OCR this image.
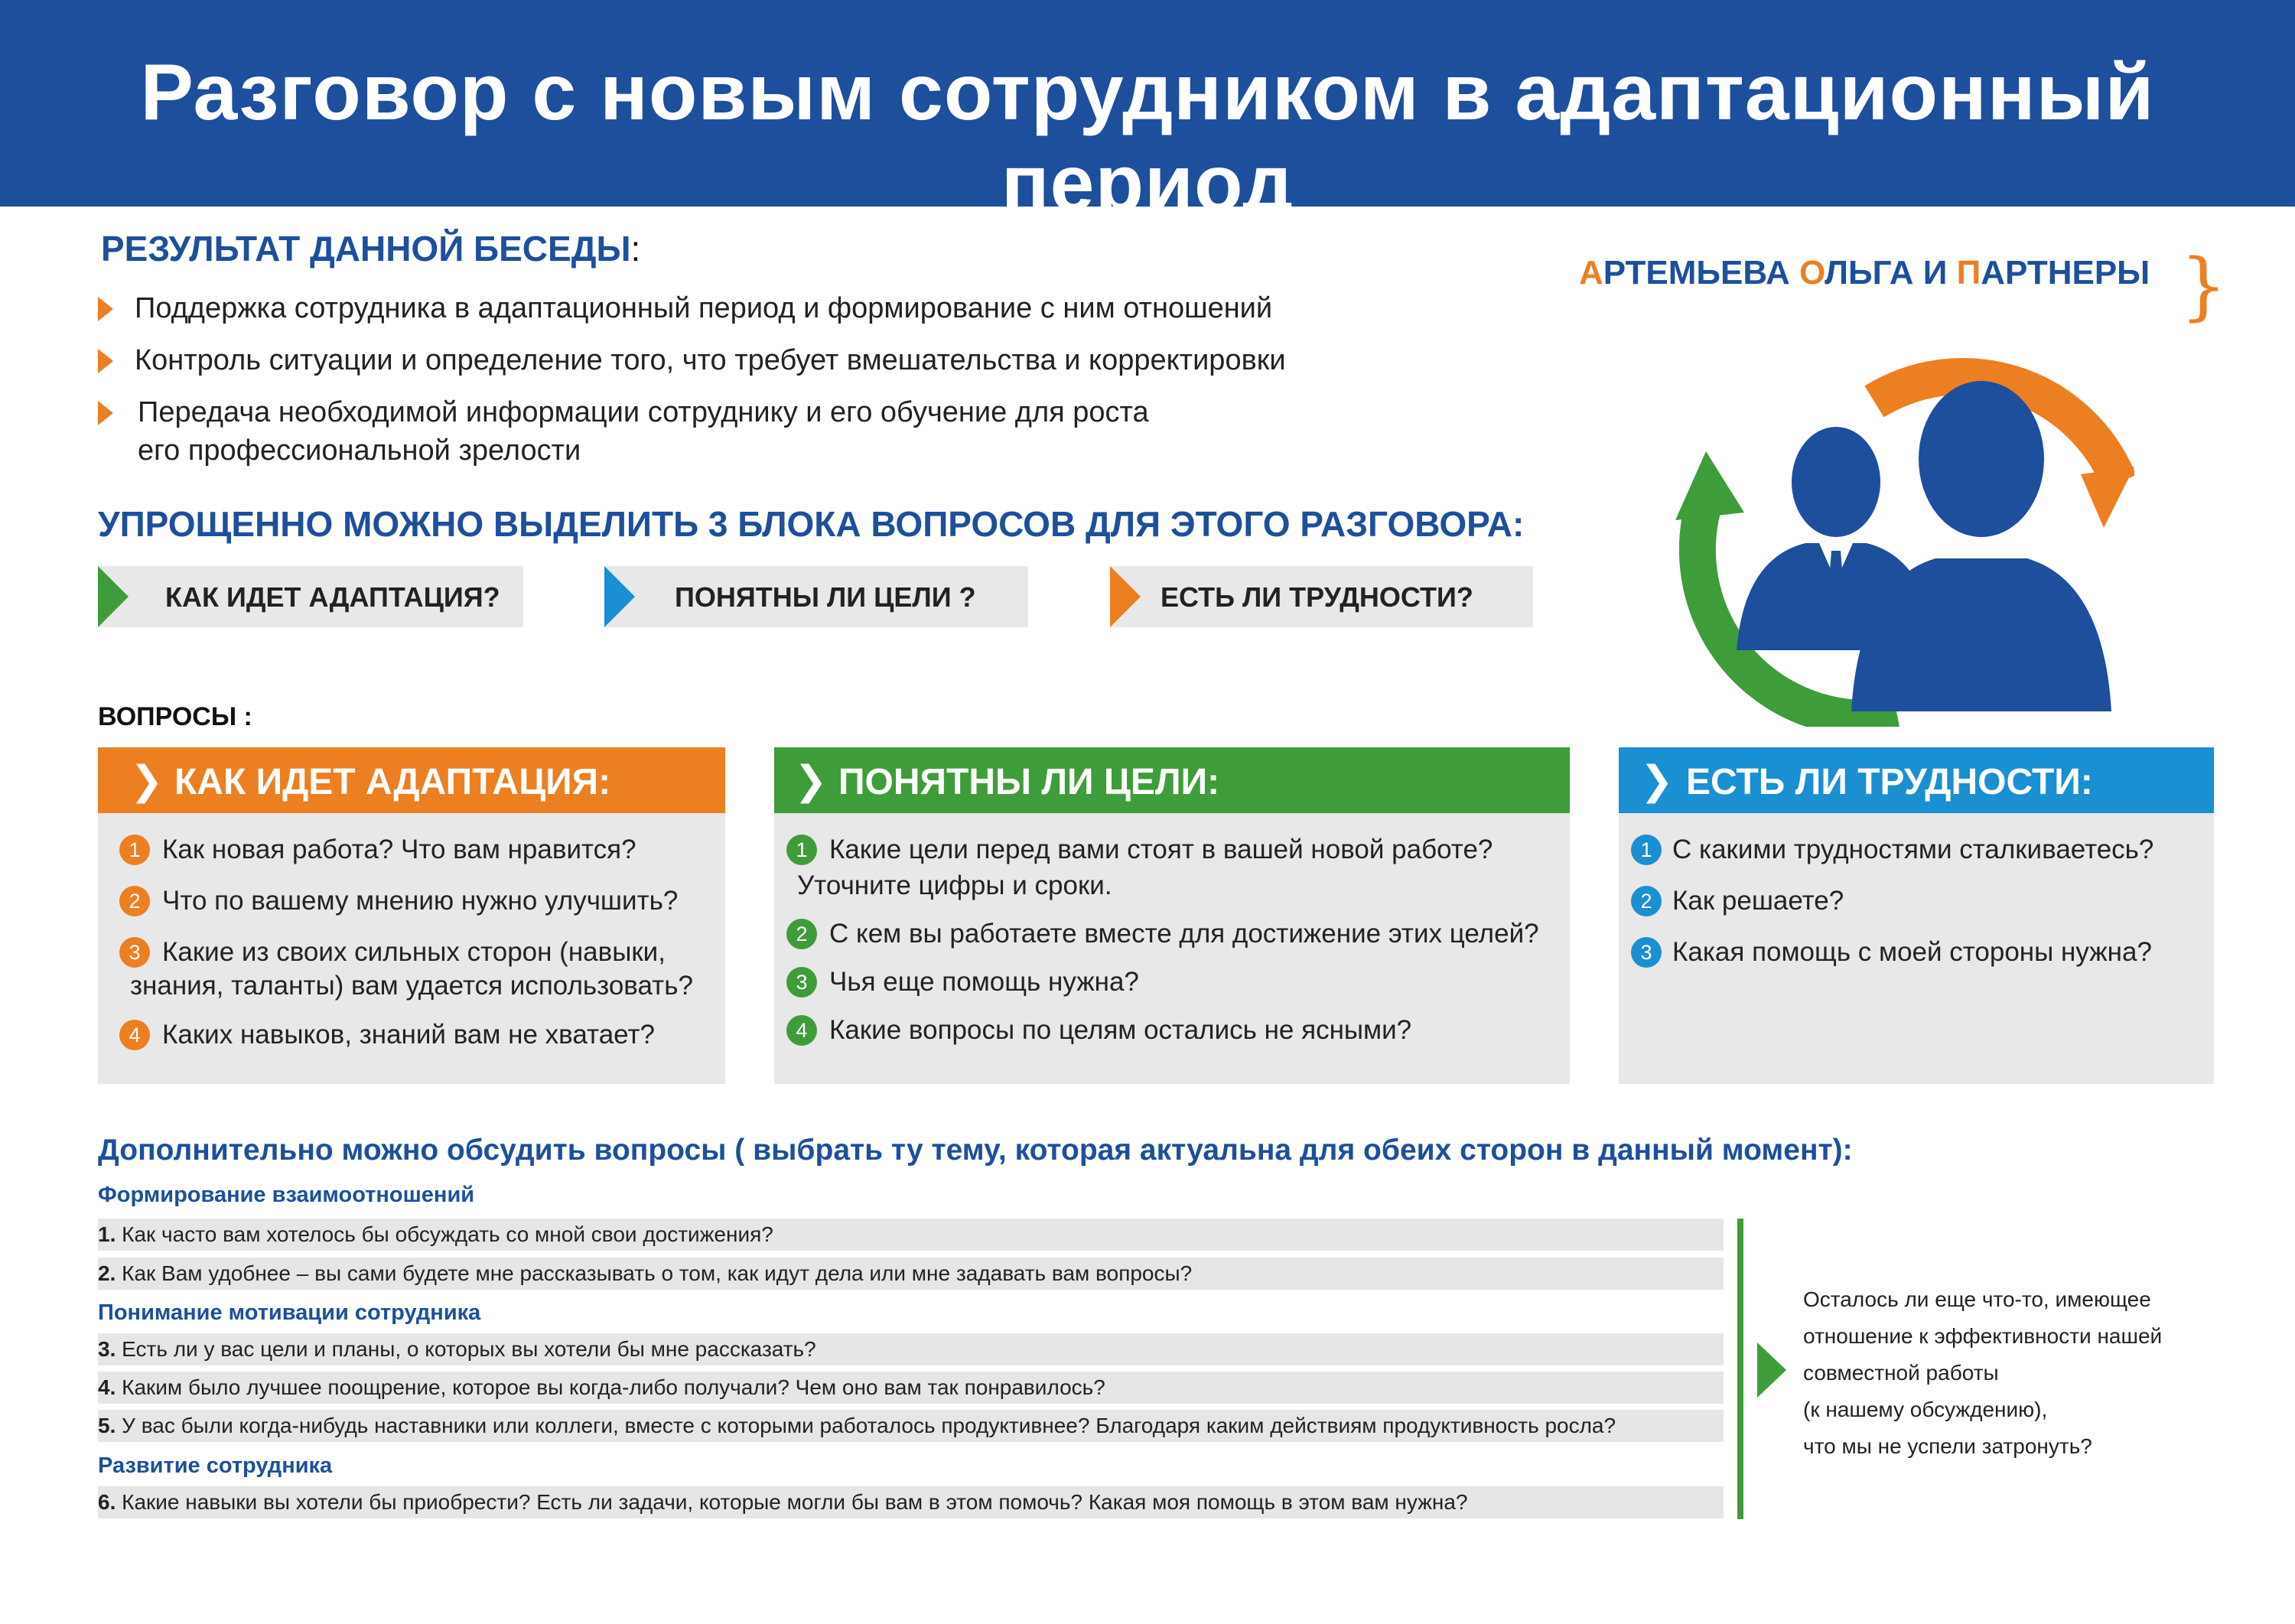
Разговор с новым сотрудником в адаптационный период
РЕЗУЛЬТАТ ДАННОЙ БЕСЕДЫ:
Поддержка сотрудника в адаптационный период и формирование с ним отношений
Контроль ситуации и определение того, что требует вмешательства и корректировки
Передача необходимой информации сотруднику и его обучение для роста
его профессиональной зрелости
УПРОЩЕННО МОЖНО ВЫДЕЛИТЬ 3 БЛОКА ВОПРОСОВ ДЛЯ ЭТОГО РАЗГОВОРА:
КАК ИДЕТ АДАПТАЦИЯ?	ПОНЯТНЫ ЛИ ЦЕЛИ ?	ЕСТЬ ЛИ ТРУДНОСТИ?
ВОПРОСЫ :
❯ КАК ИДЕТ АДАПТАЦИЯ:
1 Как новая работа? Что вам нравится?
2 Что по вашему мнению нужно улучшить?
3 Какие из своих сильных сторон (навыки,
знания, таланты) вам удается использовать?
4 Каких навыков, знаний вам не хватает?
❯ ПОНЯТНЫ ЛИ ЦЕЛИ:
1 Какие цели перед вами стоят в вашей новой работе?
Уточните цифры и сроки.
2 С кем вы работаете вместе для достижение этих целей?
3 Чья еще помощь нужна?
4 Какие вопросы по целям остались не ясными?
❯ ЕСТЬ ЛИ ТРУДНОСТИ:
1 С какими трудностями сталкиваетесь?
2 Как решаете?
3 Какая помощь с моей стороны нужна?
Дополнительно можно обсудить вопросы ( выбрать ту тему, которая актуальна для обеих сторон в данный момент):
Формирование взаимоотношений
1. Как часто вам хотелось бы обсуждать со мной свои достижения?
2. Как Вам удобнее – вы сами будете мне рассказывать о том, как идут дела или мне задавать вам вопросы?
Понимание мотивации сотрудника
3. Есть ли у вас цели и планы, о которых вы хотели бы мне рассказать?
4. Каким было лучшее поощрение, которое вы когда-либо получали? Чем оно вам так понравилось?
5. У вас были когда-нибудь наставники или коллеги, вместе с которыми работалось продуктивнее? Благодаря каким действиям продуктивность росла?
Развитие сотрудника
6. Какие навыки вы хотели бы приобрести? Есть ли задачи, которые могли бы вам в этом помочь? Какая моя помощь в этом вам нужна?
Осталось ли еще что-то, имеющее
отношение к эффективности нашей
совместной работы
(к нашему обсуждению),
что мы не успели затронуть?
АРТЕМЬЕВА ОЛЬГА И ПАРТНЕРЫ }
